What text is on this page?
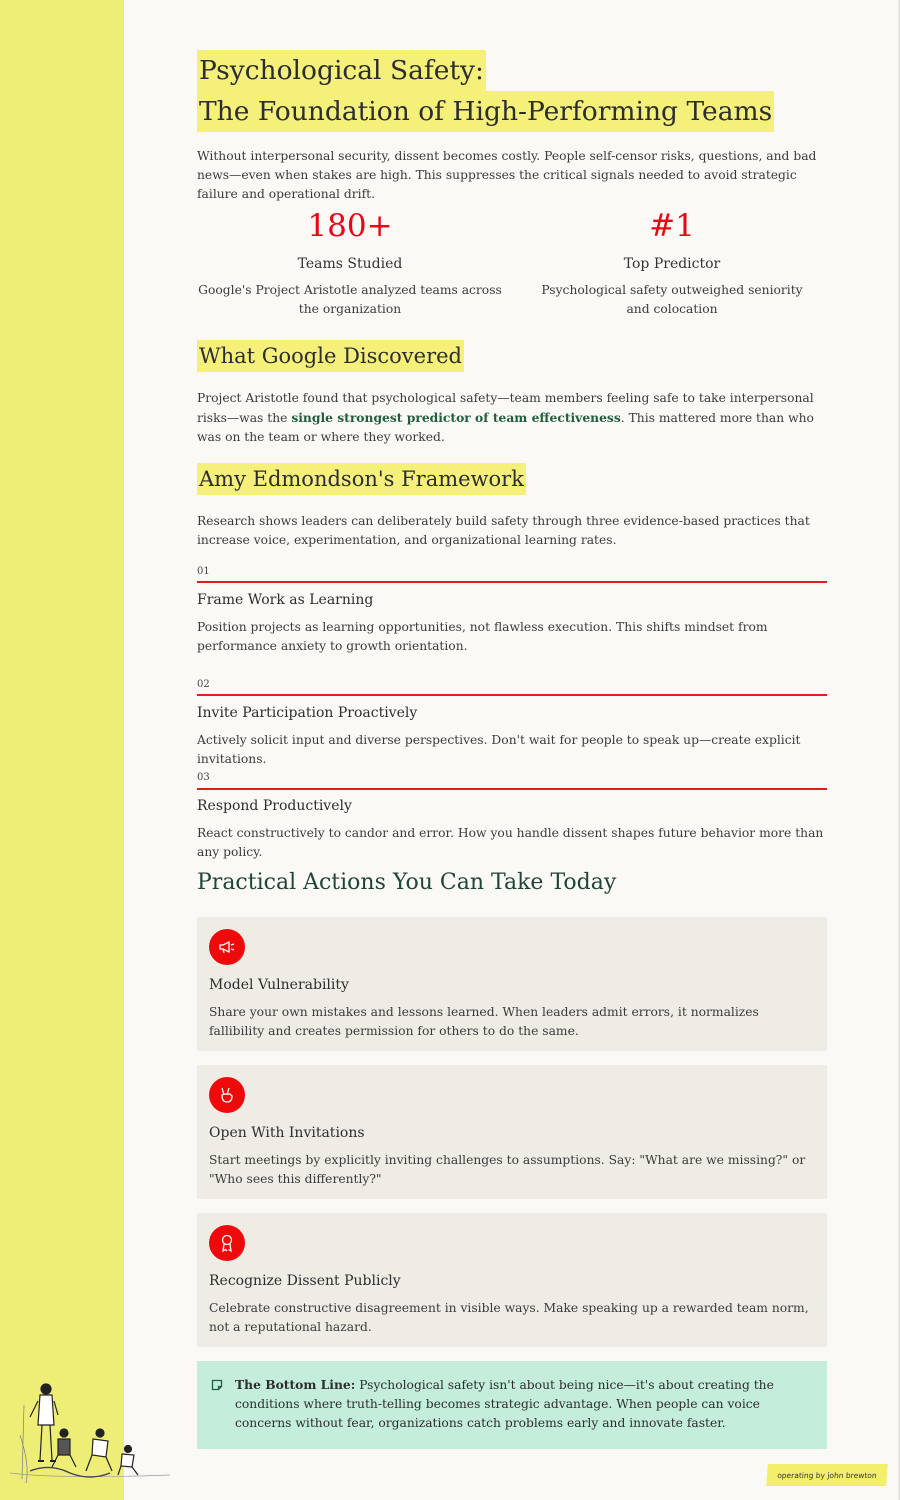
Psychological Safety:
The Foundation of High-Performing Teams
Without interpersonal security, dissent becomes costly. People self-censor risks, questions, and bad news—even when stakes are high. This suppresses the critical signals needed to avoid strategic failure and operational drift.
180+
Teams Studied
Google's Project Aristotle analyzed teams across the organization
#1
Top Predictor
Psychological safety outweighed seniority and colocation
What Google Discovered
Project Aristotle found that psychological safety—team members feeling safe to take interpersonal risks—was the single strongest predictor of team effectiveness. This mattered more than who was on the team or where they worked.
Amy Edmondson's Framework
Research shows leaders can deliberately build safety through three evidence-based practices that increase voice, experimentation, and organizational learning rates.
01
Frame Work as Learning
Position projects as learning opportunities, not flawless execution. This shifts mindset from performance anxiety to growth orientation.
02
Invite Participation Proactively
Actively solicit input and diverse perspectives. Don't wait for people to speak up—create explicit invitations.
03
Respond Productively
React constructively to candor and error. How you handle dissent shapes future behavior more than any policy.
Practical Actions You Can Take Today
Model Vulnerability
Share your own mistakes and lessons learned. When leaders admit errors, it normalizes fallibility and creates permission for others to do the same.
Open With Invitations
Start meetings by explicitly inviting challenges to assumptions. Say: "What are we missing?" or "Who sees this differently?"
Recognize Dissent Publicly
Celebrate constructive disagreement in visible ways. Make speaking up a rewarded team norm, not a reputational hazard.
The Bottom Line: Psychological safety isn't about being nice—it's about creating the conditions where truth-telling becomes strategic advantage. When people can voice concerns without fear, organizations catch problems early and innovate faster.
operating by john brewton
